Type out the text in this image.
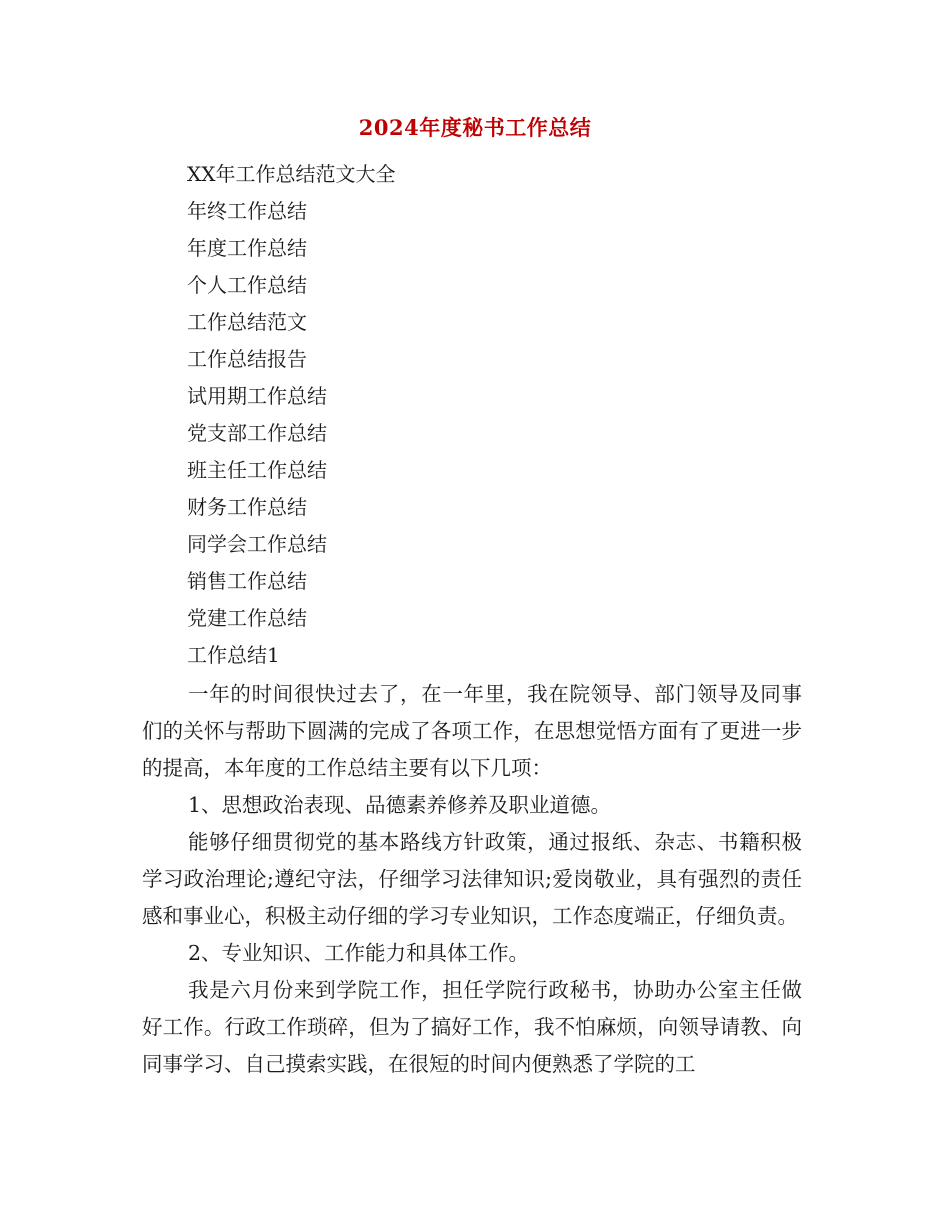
2024年度秘书工作总结
XX年工作总结范文大全
年终工作总结
年度工作总结
个人工作总结
工作总结范文
工作总结报告
试用期工作总结
党支部工作总结
班主任工作总结
财务工作总结
同学会工作总结
销售工作总结
党建工作总结
工作总结1

一年的时间很快过去了，在一年里，我在院领导、部门领导及同事们的关怀与帮助下圆满的完成了各项工作，在思想觉悟方面有了更进一步的提高，本年度的工作总结主要有以下几项：

1、思想政治表现、品德素养修养及职业道德。

能够仔细贯彻党的基本路线方针政策，通过报纸、杂志、书籍积极学习政治理论;遵纪守法，仔细学习法律知识;爱岗敬业，具有强烈的责任感和事业心，积极主动仔细的学习专业知识，工作态度端正，仔细负责。

2、专业知识、工作能力和具体工作。

我是六月份来到学院工作，担任学院行政秘书，协助办公室主任做好工作。行政工作琐碎，但为了搞好工作，我不怕麻烦，向领导请教、向同事学习、自己摸索实践，在很短的时间内便熟悉了学院的工
